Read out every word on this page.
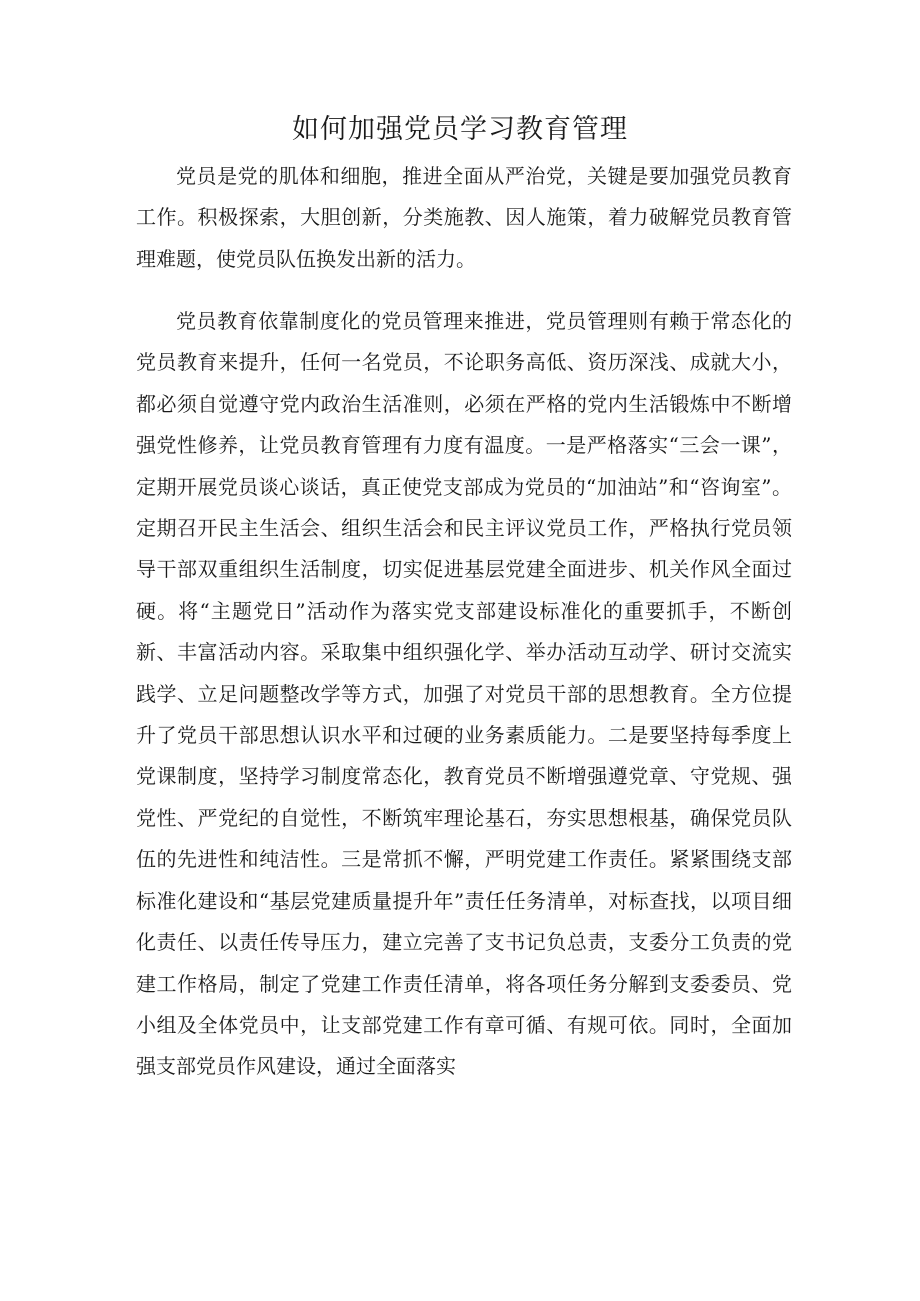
如何加强党员学习教育管理

党员是党的肌体和细胞，推进全面从严治党，关键是要加强党员教育工作。积极探索，大胆创新，分类施教、因人施策，着力破解党员教育管理难题，使党员队伍换发出新的活力。

党员教育依靠制度化的党员管理来推进，党员管理则有赖于常态化的党员教育来提升，任何一名党员，不论职务高低、资历深浅、成就大小，都必须自觉遵守党内政治生活准则，必须在严格的党内生活锻炼中不断增强党性修养，让党员教育管理有力度有温度。一是严格落实“三会一课”，定期开展党员谈心谈话，真正使党支部成为党员的“加油站”和“咨询室”。定期召开民主生活会、组织生活会和民主评议党员工作，严格执行党员领导干部双重组织生活制度，切实促进基层党建全面进步、机关作风全面过硬。将“主题党日”活动作为落实党支部建设标准化的重要抓手，不断创新、丰富活动内容。采取集中组织强化学、举办活动互动学、研讨交流实践学、立足问题整改学等方式，加强了对党员干部的思想教育。全方位提升了党员干部思想认识水平和过硬的业务素质能力。二是要坚持每季度上党课制度，坚持学习制度常态化，教育党员不断增强遵党章、守党规、强党性、严党纪的自觉性，不断筑牢理论基石，夯实思想根基，确保党员队伍的先进性和纯洁性。三是常抓不懈，严明党建工作责任。紧紧围绕支部标准化建设和“基层党建质量提升年”责任任务清单，对标查找，以项目细化责任、以责任传导压力，建立完善了支书记负总责，支委分工负责的党建工作格局，制定了党建工作责任清单，将各项任务分解到支委委员、党小组及全体党员中，让支部党建工作有章可循、有规可依。同时，全面加强支部党员作风建设，通过全面落实
